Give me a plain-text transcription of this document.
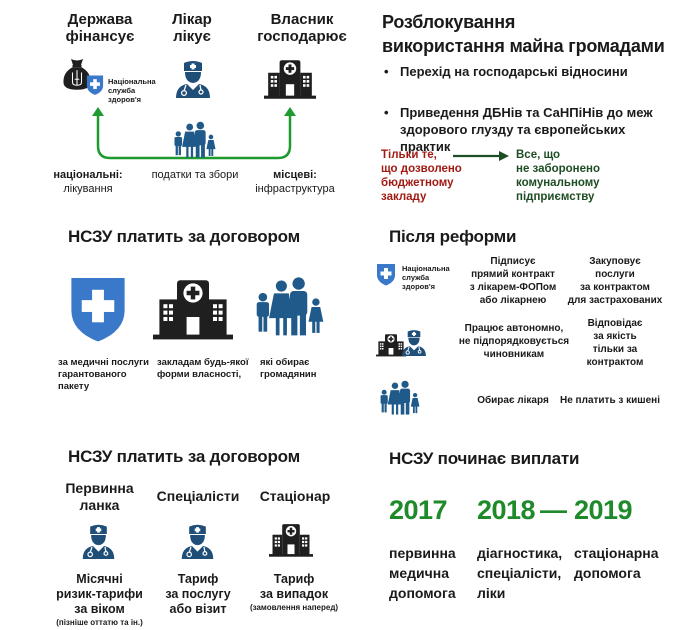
Держава
фінансує
Лікар
лікує
Власник
господарює
Національна
служба
здоров'я
національні:
лікування
податки та збори	місцеві:
інфраструктура
Розблокування
використання майна громадами
• Перехід на господарські відносини
• Приведення ДБНів та СаНПіНів до меж здорового глузду та європейських практик
Тільки те,
що дозволено
бюджетному
закладу
Все, що
не заборонено
комунальному
підприємству
НСЗУ платить за договором
за медичні послуги
гарантованого
пакету
закладам будь-якої
форми власності,
які обирає
громадянин
Після реформи
Національна
служба
здоров'я
Підписує
прямий контракт
з лікарем-ФОПом
або лікарнею
Закуповує
послуги
за контрактом
для застрахованих
Працює автономно,
не підпорядковується
чиновникам
Відповідає
за якість
тільки за
контрактом
Обирає лікаря	Не платить з кишені
НСЗУ платить за договором
Первинна
ланка
Спеціалісти	Стаціонар
Місячні
ризик-тарифи
за віком
(пізніше оттатю та ін.)
Тариф
за послугу
або візит
Тариф
за випадок
(замовлення наперед)
НСЗУ починає виплати
2017 2018 — 2019
первинна
медична
допомога
діагностика,
спеціалісти,
ліки
стаціонарна
допомога
